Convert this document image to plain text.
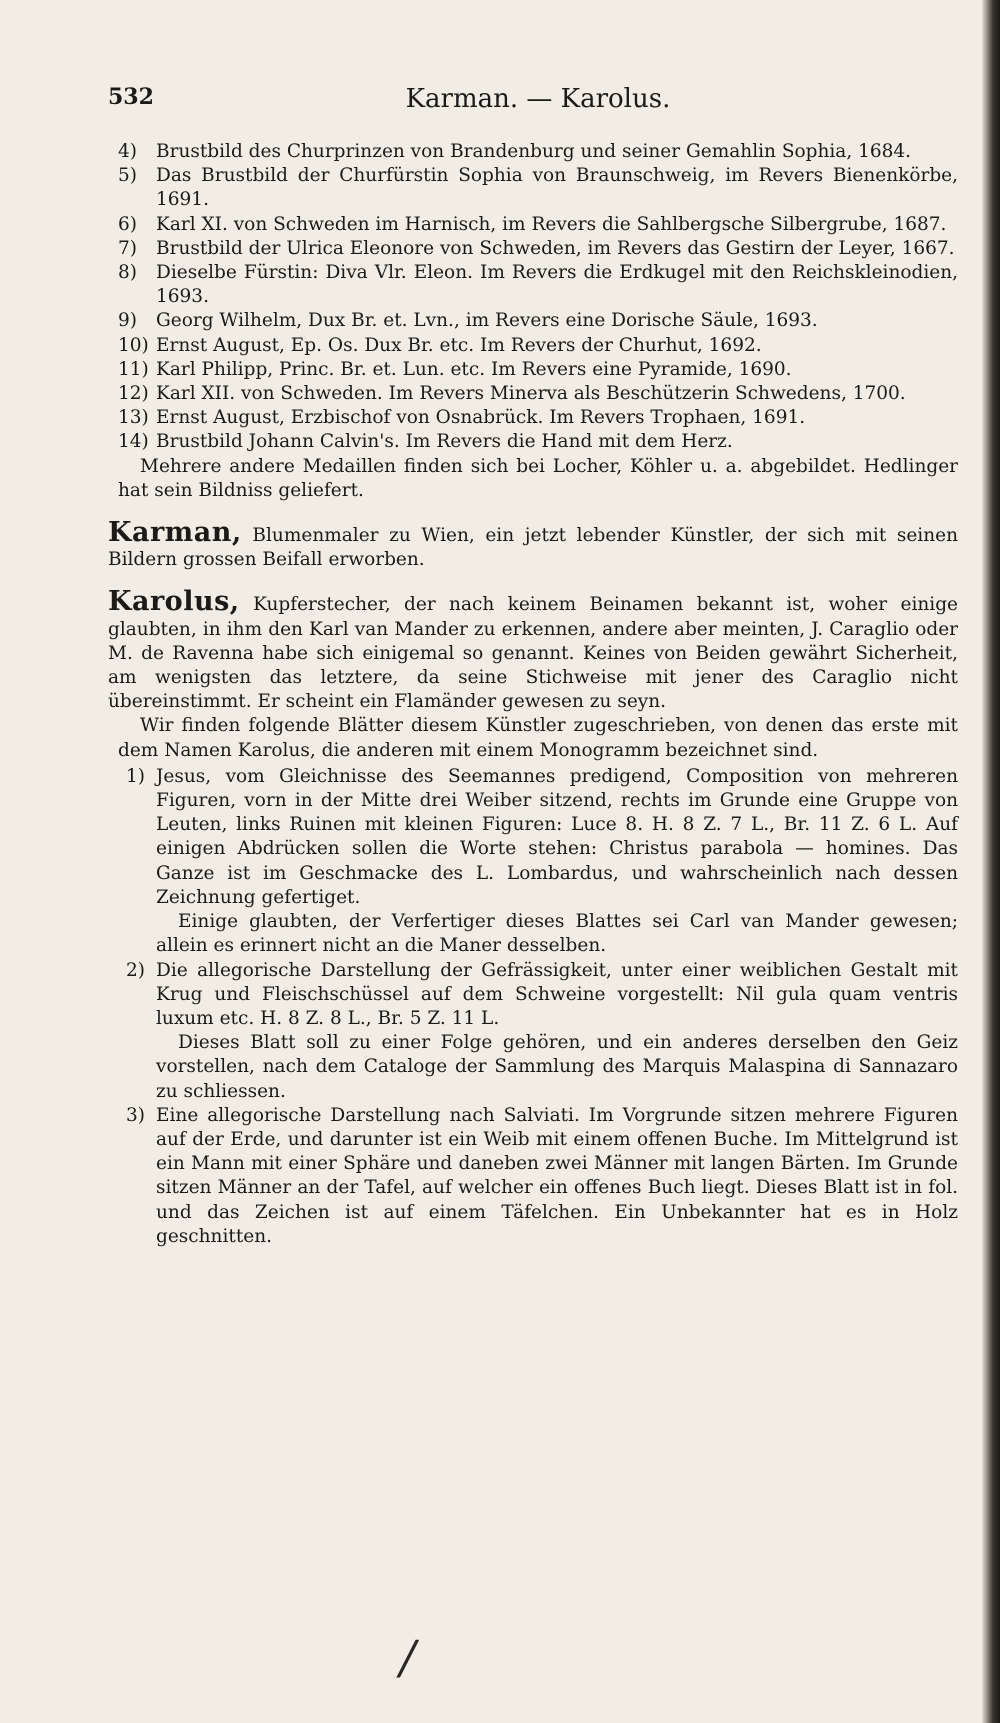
532	Karman. — Karolus.

4)	Brustbild des Churprinzen von Brandenburg und seiner Gemahlin Sophia, 1684.

5)	Das Brustbild der Churfürstin Sophia von Braunschweig, im Revers Bienenkörbe, 1691.

6)	Karl XI. von Schweden im Harnisch, im Revers die Sahlbergsche Silbergrube, 1687.

7)	Brustbild der Ulrica Eleonore von Schweden, im Revers das Gestirn der Leyer, 1667.

8)	Dieselbe Fürstin: Diva Vlr. Eleon. Im Revers die Erdkugel mit den Reichskleinodien, 1693.

9)	Georg Wilhelm, Dux Br. et. Lvn., im Revers eine Dorische Säule, 1693.

10) Ernst August, Ep. Os. Dux Br. etc. Im Revers der Churhut, 1692.

11) Karl Philipp, Princ. Br. et. Lun. etc. Im Revers eine Pyramide, 1690.

12) Karl XII. von Schweden. Im Revers Minerva als Beschützerin Schwedens, 1700.

13) Ernst August, Erzbischof von Osnabrück. Im Revers Trophaen, 1691.

14) Brustbild Johann Calvin's. Im Revers die Hand mit dem Herz.

Mehrere andere Medaillen finden sich bei Locher, Köhler u. a. abgebildet. Hedlinger hat sein Bildniss geliefert.

Karman, Blumenmaler zu Wien, ein jetzt lebender Künstler, der sich mit seinen Bildern grossen Beifall erworben.

Karolus, Kupferstecher, der nach keinem Beinamen bekannt ist, woher einige glaubten, in ihm den Karl van Mander zu erkennen, andere aber meinten, J. Caraglio oder M. de Ravenna habe sich einigemal so genannt. Keines von Beiden gewährt Sicherheit, am wenigsten das letztere, da seine Stichweise mit jener des Caraglio nicht übereinstimmt. Er scheint ein Flamänder gewesen zu seyn.

Wir finden folgende Blätter diesem Künstler zugeschrieben, von denen das erste mit dem Namen Karolus, die anderen mit einem Monogramm bezeichnet sind.

1) Jesus, vom Gleichnisse des Seemannes predigend, Composition von mehreren Figuren, vorn in der Mitte drei Weiber sitzend, rechts im Grunde eine Gruppe von Leuten, links Ruinen mit kleinen Figuren: Luce 8. H. 8 Z. 7 L., Br. 11 Z. 6 L. Auf einigen Abdrücken sollen die Worte stehen: Christus parabola — homines. Das Ganze ist im Geschmacke des L. Lombardus, und wahrscheinlich nach dessen Zeichnung gefertiget.

Einige glaubten, der Verfertiger dieses Blattes sei Carl van Mander gewesen; allein es erinnert nicht an die Maner desselben.

2) Die allegorische Darstellung der Gefrässigkeit, unter einer weiblichen Gestalt mit Krug und Fleischschüssel auf dem Schweine vorgestellt: Nil gula quam ventris luxum etc. H. 8 Z. 8 L., Br. 5 Z. 11 L.

Dieses Blatt soll zu einer Folge gehören, und ein anderes derselben den Geiz vorstellen, nach dem Cataloge der Sammlung des Marquis Malaspina di Sannazaro zu schliessen.

3) Eine allegorische Darstellung nach Salviati. Im Vorgrunde sitzen mehrere Figuren auf der Erde, und darunter ist ein Weib mit einem offenen Buche. Im Mittelgrund ist ein Mann mit einer Sphäre und daneben zwei Männer mit langen Bärten. Im Grunde sitzen Männer an der Tafel, auf welcher ein offenes Buch liegt. Dieses Blatt ist in fol. und das Zeichen ist auf einem Täfelchen. Ein Unbekannter hat es in Holz geschnitten.

/
